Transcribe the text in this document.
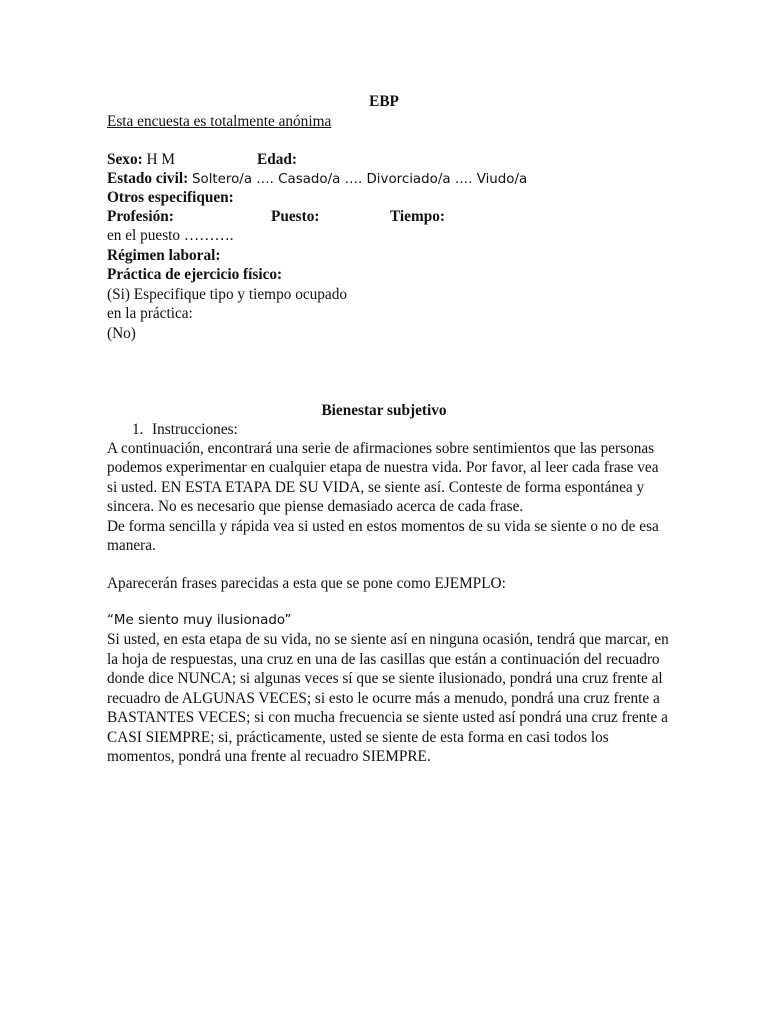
EBP
Esta encuesta es totalmente anónima
Sexo: H M	Edad:
Estado civil: Soltero/a …. Casado/a …. Divorciado/a …. Viudo/a
Otros especifiquen:
Profesión:	Puesto:	Tiempo:
en el puesto ……….
Régimen laboral:
Práctica de ejercicio físico:
(Si) Especifique tipo y tiempo ocupado
en la práctica:
(No)
Bienestar subjetivo
1. Instrucciones:
A continuación, encontrará una serie de afirmaciones sobre sentimientos que las personas
podemos experimentar en cualquier etapa de nuestra vida. Por favor, al leer cada frase vea
si usted. EN ESTA ETAPA DE SU VIDA, se siente así. Conteste de forma espontánea y
sincera. No es necesario que piense demasiado acerca de cada frase.
De forma sencilla y rápida vea si usted en estos momentos de su vida se siente o no de esa
manera.
Aparecerán frases parecidas a esta que se pone como EJEMPLO:
“Me siento muy ilusionado”
Si usted, en esta etapa de su vida, no se siente así en ninguna ocasión, tendrá que marcar, en
la hoja de respuestas, una cruz en una de las casillas que están a continuación del recuadro
donde dice NUNCA; si algunas veces sí que se siente ilusionado, pondrá una cruz frente al
recuadro de ALGUNAS VECES; si esto le ocurre más a menudo, pondrá una cruz frente a
BASTANTES VECES; si con mucha frecuencia se siente usted así pondrá una cruz frente a
CASI SIEMPRE; si, prácticamente, usted se siente de esta forma en casi todos los
momentos, pondrá una frente al recuadro SIEMPRE.
